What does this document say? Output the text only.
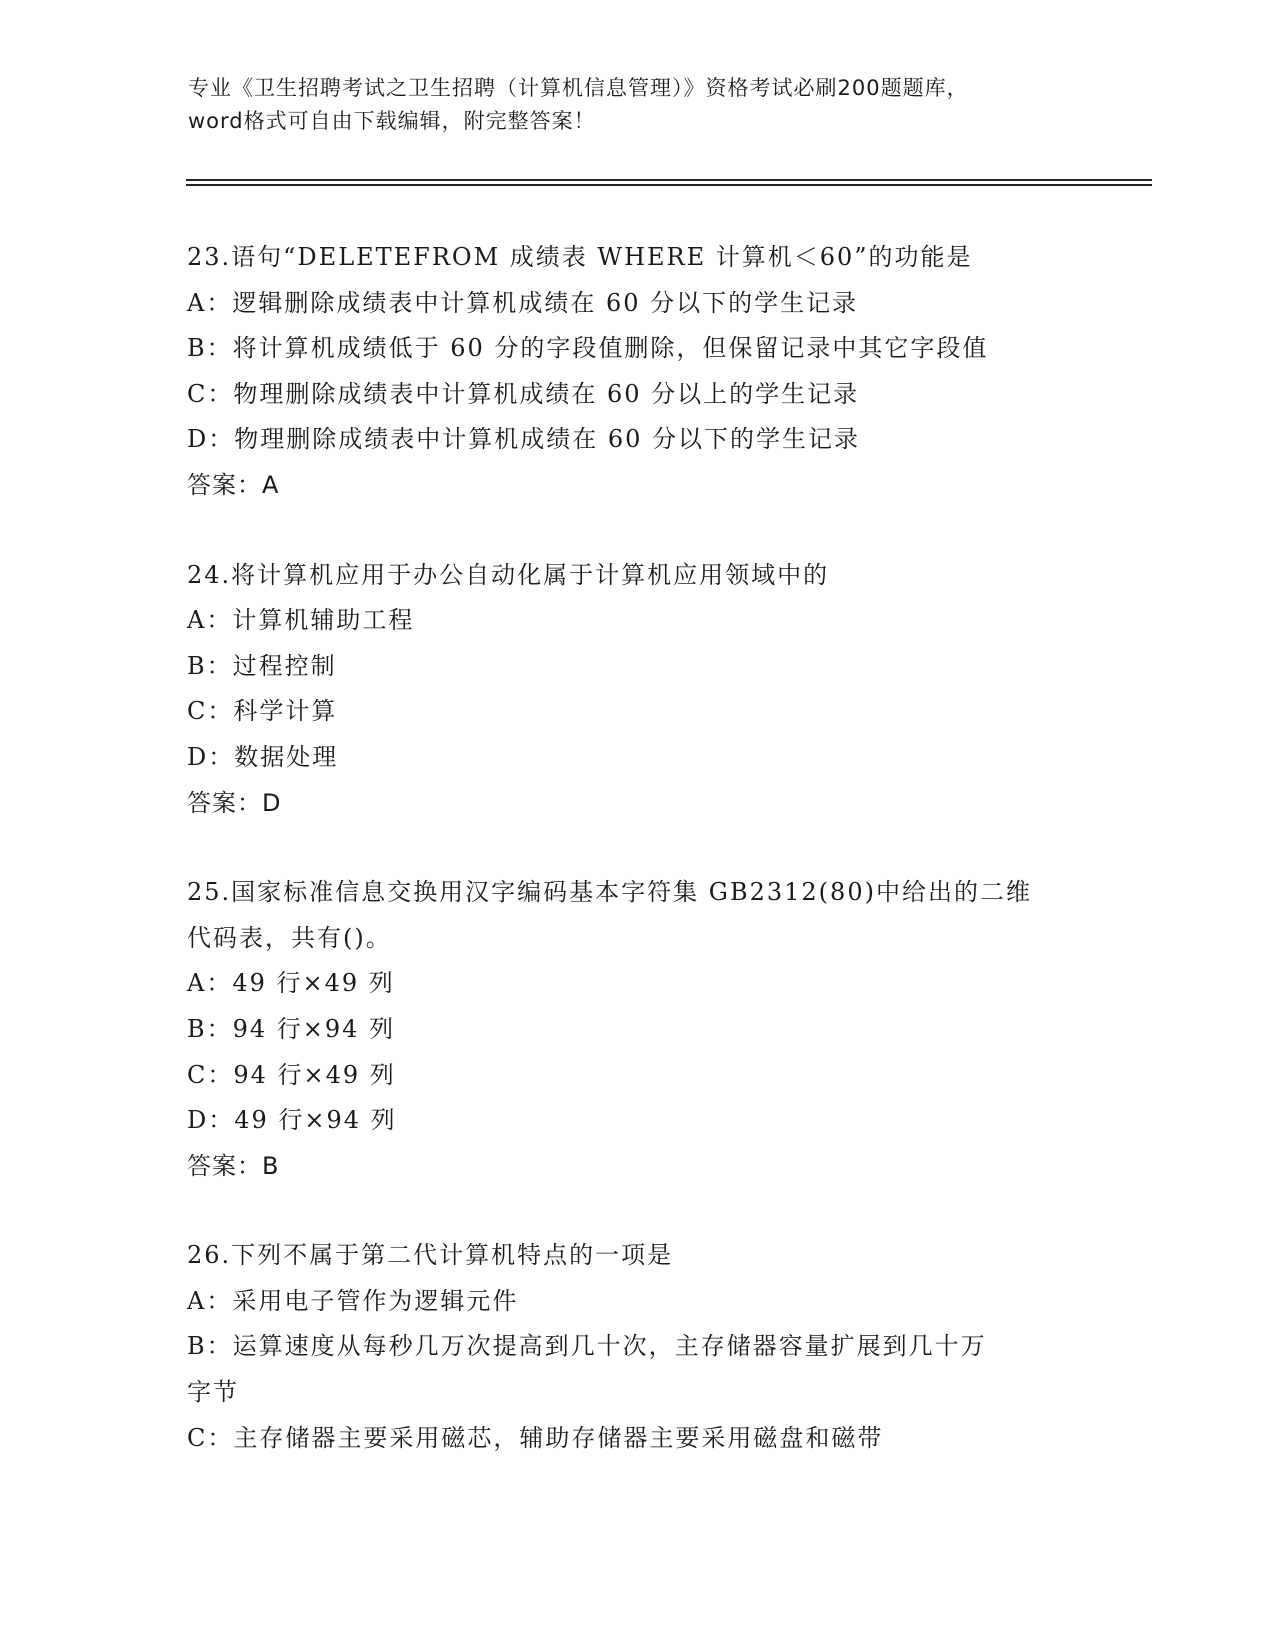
专业《卫生招聘考试之卫生招聘（计算机信息管理）》资格考试必刷200题题库，

word格式可自由下载编辑，附完整答案！

23.语句“DELETEFROM 成绩表 WHERE 计算机＜60”的功能是

A：逻辑删除成绩表中计算机成绩在 60 分以下的学生记录

B：将计算机成绩低于 60 分的字段值删除，但保留记录中其它字段值

C：物理删除成绩表中计算机成绩在 60 分以上的学生记录

D：物理删除成绩表中计算机成绩在 60 分以下的学生记录

答案：A

24.将计算机应用于办公自动化属于计算机应用领域中的

A：计算机辅助工程

B：过程控制

C：科学计算

D：数据处理

答案：D

25.国家标准信息交换用汉字编码基本字符集 GB2312(80)中给出的二维

代码表，共有()。

A：49 行×49 列

B：94 行×94 列

C：94 行×49 列

D：49 行×94 列

答案：B

26.下列不属于第二代计算机特点的一项是

A：采用电子管作为逻辑元件

B：运算速度从每秒几万次提高到几十次，主存储器容量扩展到几十万

字节

C：主存储器主要采用磁芯，辅助存储器主要采用磁盘和磁带
